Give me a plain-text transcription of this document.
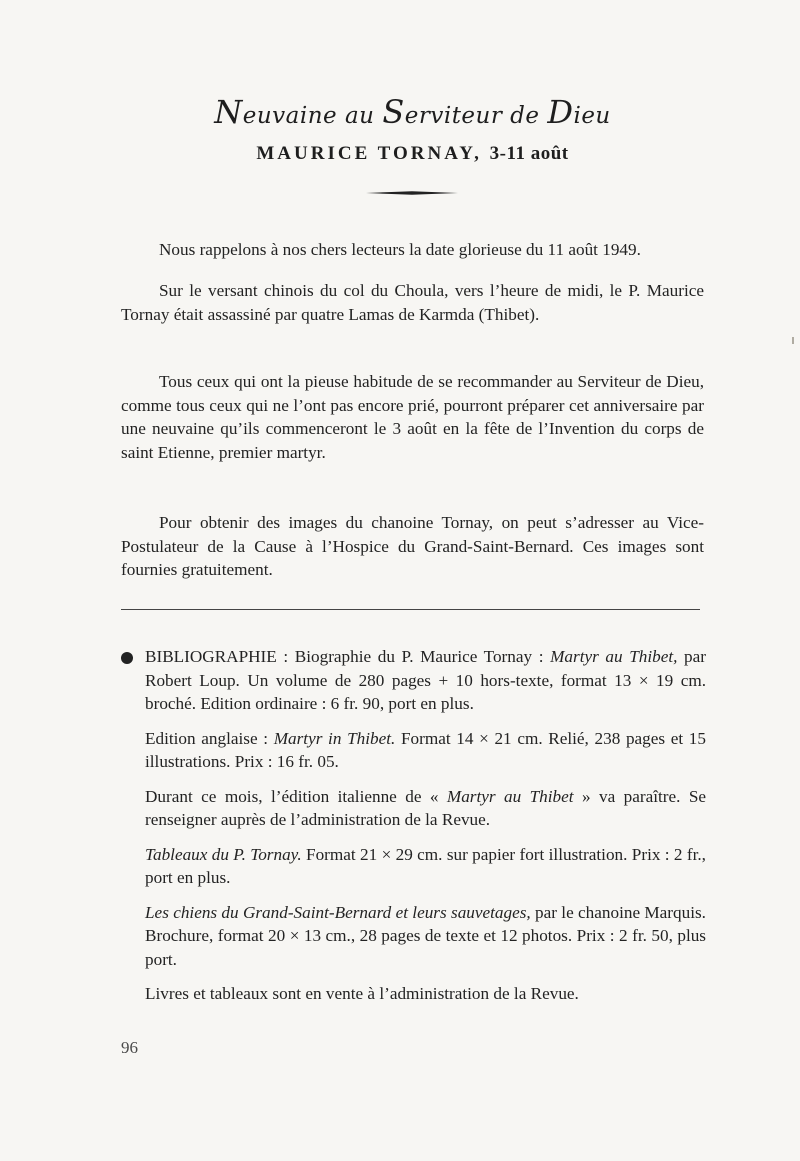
Neuvaine au Serviteur de Dieu
MAURICE TORNAY, 3-11 août

Nous rappelons à nos chers lecteurs la date glorieuse du 11 août 1949.

Sur le versant chinois du col du Choula, vers l’heure de midi, le P. Maurice Tornay était assassiné par quatre Lamas de Karmda (Thibet).

Tous ceux qui ont la pieuse habitude de se recommander au Serviteur de Dieu, comme tous ceux qui ne l’ont pas encore prié, pourront préparer cet anniversaire par une neuvaine qu’ils commenceront le 3 août en la fête de l’Invention du corps de saint Etienne, premier martyr.

Pour obtenir des images du chanoine Tornay, on peut s’adresser au Vice-Postulateur de la Cause à l’Hospice du Grand-Saint-Bernard. Ces images sont fournies gratuitement.

BIBLIOGRAPHIE : Biographie du P. Maurice Tornay : Martyr au Thibet, par Robert Loup. Un volume de 280 pages + 10 hors-texte, format 13 × 19 cm. broché. Edition ordinaire : 6 fr. 90, port en plus.

Edition anglaise : Martyr in Thibet. Format 14 × 21 cm. Relié, 238 pages et 15 illustrations. Prix : 16 fr. 05.

Durant ce mois, l’édition italienne de « Martyr au Thibet » va paraître. Se renseigner auprès de l’administration de la Revue.

Tableaux du P. Tornay. Format 21 × 29 cm. sur papier fort illustration. Prix : 2 fr., port en plus.

Les chiens du Grand-Saint-Bernard et leurs sauvetages, par le chanoine Marquis. Brochure, format 20 × 13 cm., 28 pages de texte et 12 photos. Prix : 2 fr. 50, plus port.

Livres et tableaux sont en vente à l’administration de la Revue.

96
